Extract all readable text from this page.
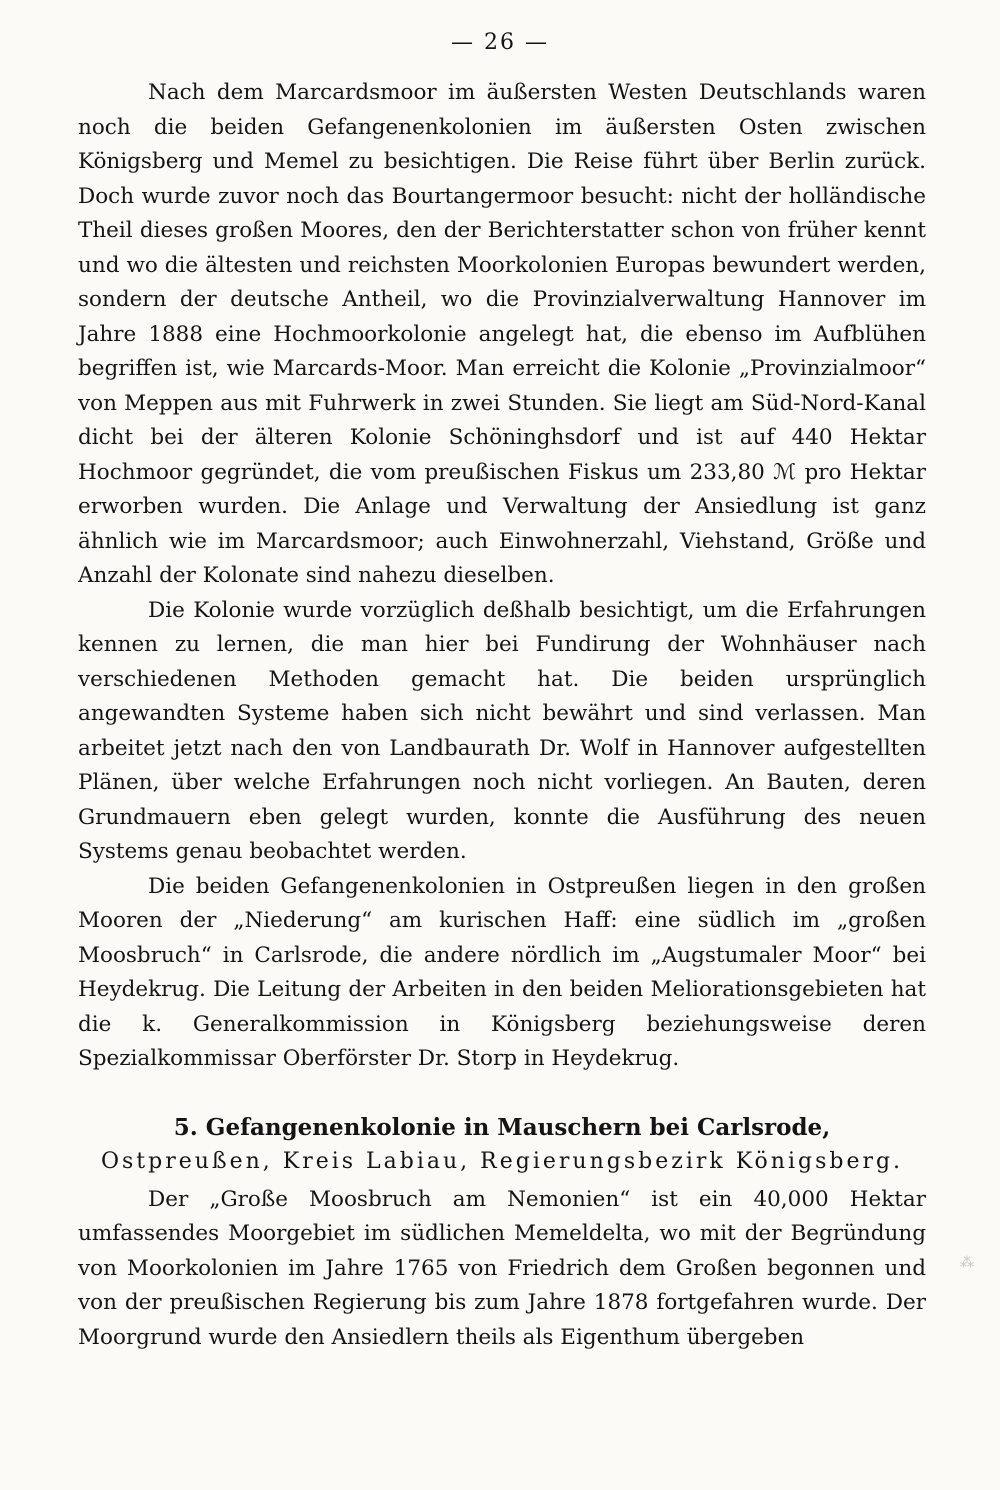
— 26 —

Nach dem Marcardsmoor im äußersten Westen Deutschlands waren noch die beiden Gefangenenkolonien im äußersten Osten zwischen Königsberg und Memel zu besichtigen. Die Reise führt über Berlin zurück. Doch wurde zuvor noch das Bourtangermoor besucht: nicht der holländische Theil dieses großen Moores, den der Berichterstatter schon von früher kennt und wo die ältesten und reichsten Moorkolonien Europas bewundert werden, sondern der deutsche Antheil, wo die Provinzialverwaltung Hannover im Jahre 1888 eine Hochmoorkolonie angelegt hat, die ebenso im Aufblühen begriffen ist, wie Marcards-Moor. Man erreicht die Kolonie „Provinzialmoor“ von Meppen aus mit Fuhrwerk in zwei Stunden. Sie liegt am Süd-Nord-Kanal dicht bei der älteren Kolonie Schöninghsdorf und ist auf 440 Hektar Hochmoor gegründet, die vom preußischen Fiskus um 233,80 ℳ pro Hektar erworben wurden. Die Anlage und Verwaltung der Ansiedlung ist ganz ähnlich wie im Marcardsmoor; auch Einwohnerzahl, Viehstand, Größe und Anzahl der Kolonate sind nahezu dieselben.

Die Kolonie wurde vorzüglich deßhalb besichtigt, um die Erfahrungen kennen zu lernen, die man hier bei Fundirung der Wohnhäuser nach verschiedenen Methoden gemacht hat. Die beiden ursprünglich angewandten Systeme haben sich nicht bewährt und sind verlassen. Man arbeitet jetzt nach den von Landbaurath Dr. Wolf in Hannover aufgestellten Plänen, über welche Erfahrungen noch nicht vorliegen. An Bauten, deren Grundmauern eben gelegt wurden, konnte die Ausführung des neuen Systems genau beobachtet werden.

Die beiden Gefangenenkolonien in Ostpreußen liegen in den großen Mooren der „Niederung“ am kurischen Haff: eine südlich im „großen Moosbruch“ in Carlsrode, die andere nördlich im „Augstumaler Moor“ bei Heydekrug. Die Leitung der Arbeiten in den beiden Meliorationsgebieten hat die k. Generalkommission in Königsberg beziehungsweise deren Spezialkommissar Oberförster Dr. Storp in Heydekrug.

5. Gefangenenkolonie in Mauschern bei Carlsrode,
Ostpreußen, Kreis Labiau, Regierungsbezirk Königsberg.

Der „Große Moosbruch am Nemonien“ ist ein 40,000 Hektar umfassendes Moorgebiet im südlichen Memeldelta, wo mit der Begründung von Moorkolonien im Jahre 1765 von Friedrich dem Großen begonnen und von der preußischen Regierung bis zum Jahre 1878 fortgefahren wurde. Der Moorgrund wurde den Ansiedlern theils als Eigenthum übergeben

⁂
